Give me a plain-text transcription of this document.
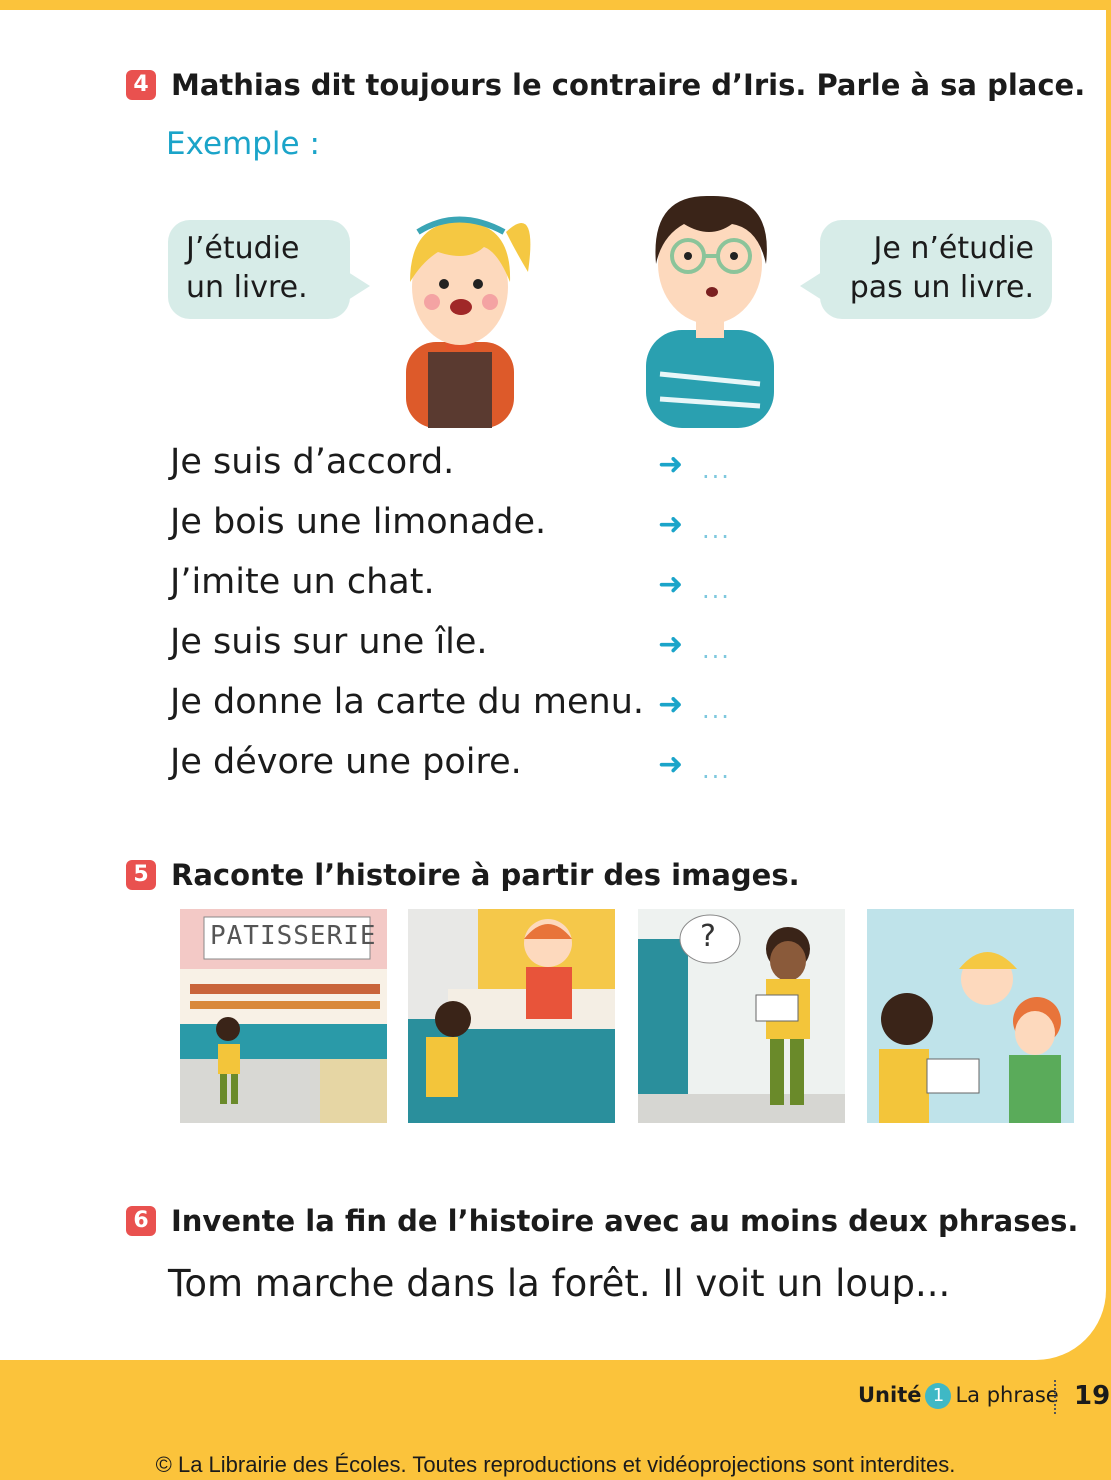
4 Mathias dit toujours le contraire d’Iris. Parle à sa place.
Exemple :
J’étudie
un livre.
Je n’étudie
pas un livre.
Je suis d’accord.
Je bois une limonade.
J’imite un chat.
Je suis sur une île.
Je donne la carte du menu.
Je dévore une poire.
➜
➜
➜
➜
➜
➜
...
...
...
...
...
...
5 Raconte l’histoire à partir des images.
PATISSERIE	?
6 Invente la fin de l’histoire avec au moins deux phrases.
Tom marche dans la forêt. Il voit un loup...
Unité 1 La phrase 19
© La Librairie des Écoles. Toutes reproductions et vidéoprojections sont interdites.
